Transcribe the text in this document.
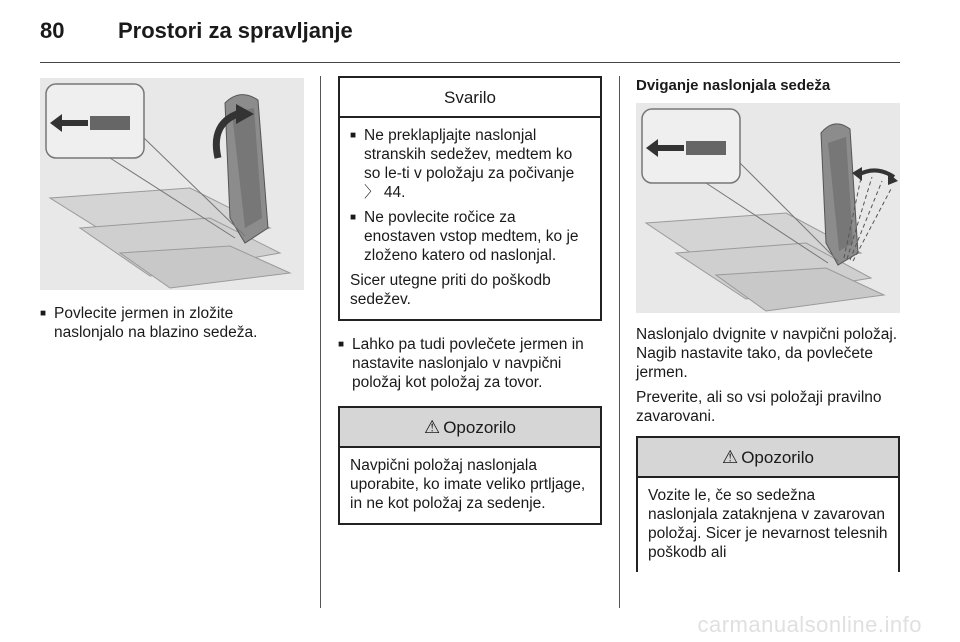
80	Prostori za spravljanje
■ Povlecite jermen in zložite naslonjalo na blazino sedeža.
Svarilo
■ Ne preklapljajte naslonjal stranskih sedežev, medtem ko so le-ti v položaju za počivanje
〉 44.
■ Ne povlecite ročice za enostaven vstop medtem, ko je zloženo katero od naslonjal.
Sicer utegne priti do poškodb sedežev.
■ Lahko pa tudi povlečete jermen in nastavite naslonjalo v navpični položaj kot položaj za tovor.
⚠ Opozorilo
Navpični položaj naslonjala uporabite, ko imate veliko prtljage, in ne kot položaj za sedenje.
Dviganje naslonjala sedeža

Naslonjalo dvignite v navpični položaj. Nagib nastavite tako, da povlečete jermen.

Preverite, ali so vsi položaji pravilno zavarovani.

⚠ Opozorilo
Vozite le, če so sedežna naslonjala zataknjena v zavarovan položaj. Sicer je nevarnost telesnih poškodb ali
carmanualsonline.info
